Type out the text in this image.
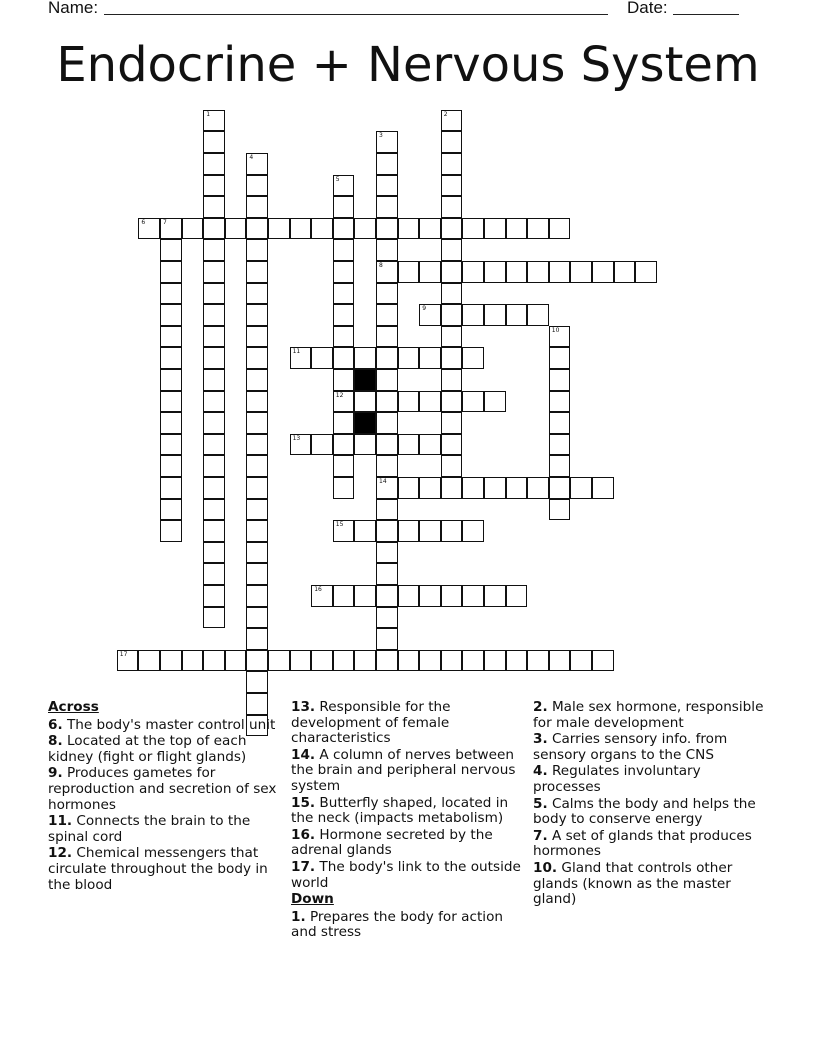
Name:	Date:
Endocrine + Nervous System
1	2
3
8
14
4
5
12
6	7
9
10
11
13
15
16
17
Across
6. The body's master control unit
8. Located at the top of each kidney (fight or flight glands)
9. Produces gametes for reproduction and secretion of sex hormones
11. Connects the brain to the spinal cord
12. Chemical messengers that circulate throughout the body in the blood
13. Responsible for the development of female characteristics
14. A column of nerves between the brain and peripheral nervous system
15. Butterfly shaped, located in the neck (impacts metabolism)
16. Hormone secreted by the adrenal glands
17. The body's link to the outside world
Down
1. Prepares the body for action and stress
2. Male sex hormone, responsible for male development
3. Carries sensory info. from sensory organs to the CNS
4. Regulates involuntary processes
5. Calms the body and helps the body to conserve energy
7. A set of glands that produces hormones
10. Gland that controls other glands (known as the master gland)
